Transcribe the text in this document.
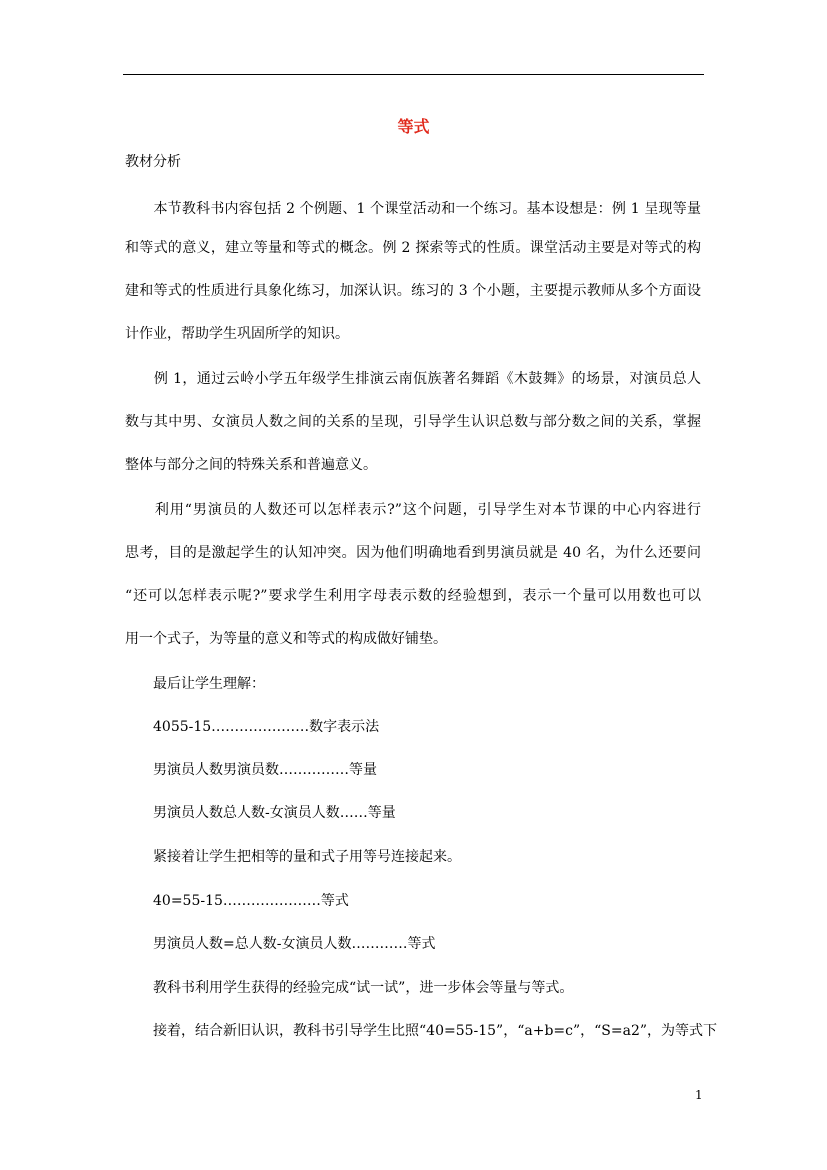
等式
教材分析
　　本节教科书内容包括 2 个例题、1 个课堂活动和一个练习。基本设想是：例 1 呈现等量
和等式的意义，建立等量和等式的概念。例 2 探索等式的性质。课堂活动主要是对等式的构
建和等式的性质进行具象化练习，加深认识。练习的 3 个小题，主要提示教师从多个方面设
计作业，帮助学生巩固所学的知识。
　　例 1，通过云岭小学五年级学生排演云南佤族著名舞蹈《木鼓舞》的场景，对演员总人
数与其中男、女演员人数之间的关系的呈现，引导学生认识总数与部分数之间的关系，掌握
整体与部分之间的特殊关系和普遍意义。
　　利用“男演员的人数还可以怎样表示?”这个问题，引导学生对本节课的中心内容进行
思考，目的是激起学生的认知冲突。因为他们明确地看到男演员就是 40 名，为什么还要问
“还可以怎样表示呢?”要求学生利用字母表示数的经验想到，表示一个量可以用数也可以
用一个式子，为等量的意义和等式的构成做好铺垫。
　　最后让学生理解：
　　4055-15…………………数字表示法
　　男演员人数男演员数……………等量
　　男演员人数总人数-女演员人数……等量
　　紧接着让学生把相等的量和式子用等号连接起来。
　　40=55-15…………………等式
　　男演员人数=总人数-女演员人数…………等式
　　教科书利用学生获得的经验完成“试一试”，进一步体会等量与等式。
　　接着，结合新旧认识，教科书引导学生比照“40=55-15”，“a+b=c”，“S=a2”，为等式下
1
